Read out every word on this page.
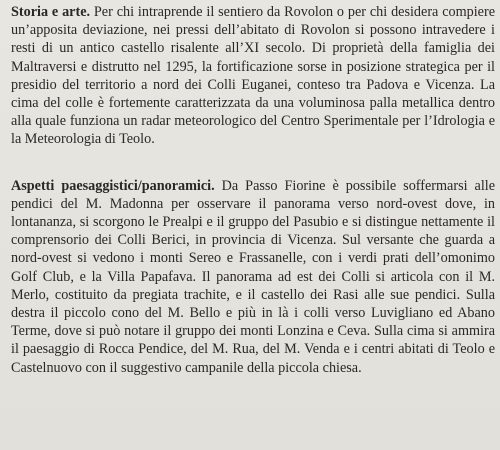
Storia e arte. Per chi intraprende il sentiero da Rovolon o per chi desidera compiere un’apposita deviazione, nei pressi dell’abitato di Rovolon si possono intravedere i resti di un antico castello risalente all’XI secolo. Di proprietà della famiglia dei Maltraversi e distrutto nel 1295, la fortificazione sorse in posizione strategica per il presidio del territorio a nord dei Colli Euganei, conteso tra Padova e Vicenza. La cima del colle è fortemente caratterizzata da una voluminosa palla metallica dentro alla quale funziona un radar meteorologico del Centro Sperimentale per l’Idrologia e la Meteorologia di Teolo.

Aspetti paesaggistici/panoramici. Da Passo Fiorine è possibile soffermarsi alle pendici del M. Madonna per osservare il panorama verso nord-ovest dove, in lontananza, si scorgono le Prealpi e il gruppo del Pasubio e si distingue nettamente il comprensorio dei Colli Berici, in provincia di Vicenza. Sul versante che guarda a nord-ovest si vedono i monti Sereo e Frassanelle, con i verdi prati dell’omonimo Golf Club, e la Villa Papafava. Il panorama ad est dei Colli si articola con il M. Merlo, costituito da pregiata trachite, e il castello dei Rasi alle sue pendici. Sulla destra il piccolo cono del M. Bello e più in là i colli verso Luvigliano ed Abano Terme, dove si può notare il gruppo dei monti Lonzina e Ceva. Sulla cima si ammira il paesaggio di Rocca Pendice, del M. Rua, del M. Venda e i centri abitati di Teolo e Castelnuovo con il suggestivo campanile della piccola chiesa.
